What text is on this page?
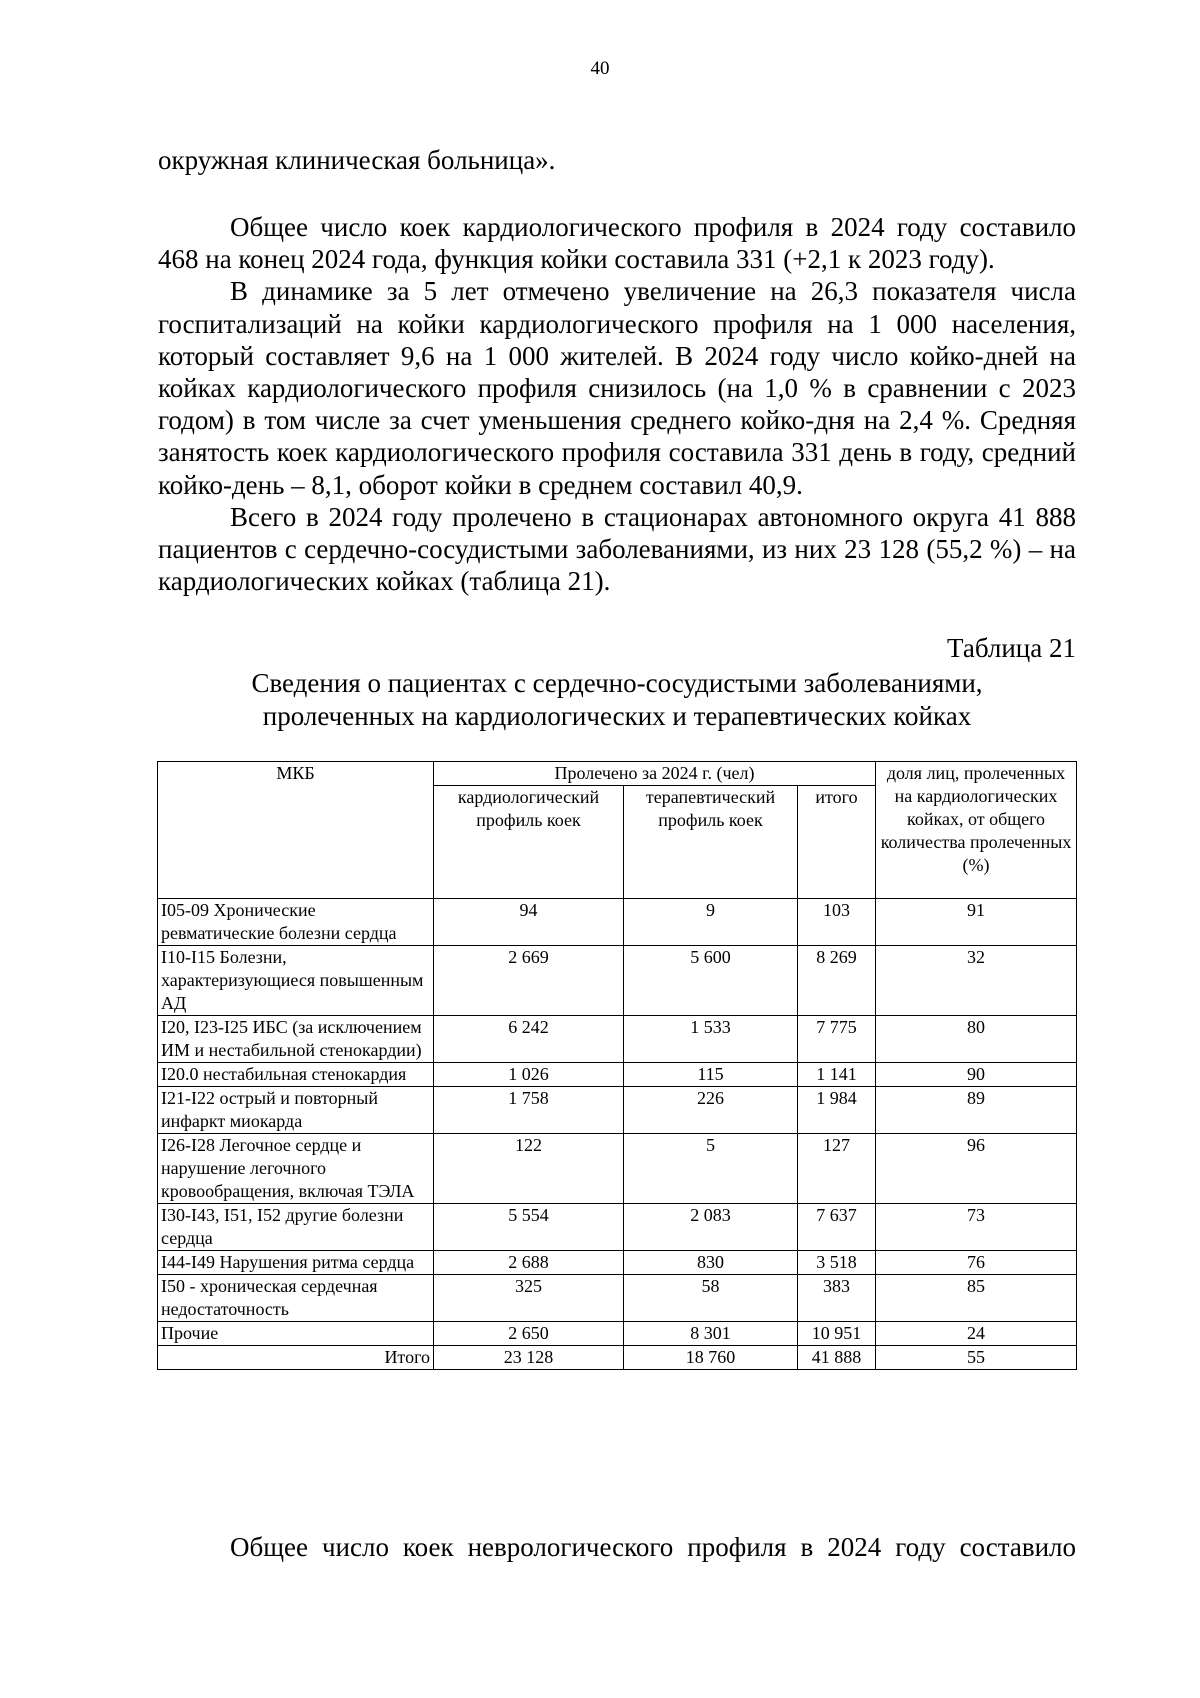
40

окружная клиническая больница».

Общее число коек кардиологического профиля в 2024 году составило 468 на конец 2024 года, функция койки составила 331 (+2,1 к 2023 году).

В динамике за 5 лет отмечено увеличение на 26,3 показателя числа госпитализаций на койки кардиологического профиля на 1 000 населения, который составляет 9,6 на 1 000 жителей. В 2024 году число койко-дней на койках кардиологического профиля снизилось (на 1,0 % в сравнении с 2023 годом) в том числе за счет уменьшения среднего койко-дня на 2,4 %. Средняя занятость коек кардиологического профиля составила 331 день в году, средний койко-день – 8,1, оборот койки в среднем составил 40,9.

Всего в 2024 году пролечено в стационарах автономного округа 41 888 пациентов с сердечно-сосудистыми заболеваниями, из них 23 128 (55,2 %) – на кардиологических койках (таблица 21).

Таблица 21
Сведения о пациентах с сердечно-сосудистыми заболеваниями,
пролеченных на кардиологических и терапевтических койках
МКБ	Пролечено за 2024 г. (чел)			доля лиц, пролеченных на кардиологических койках, от общего количества пролеченных (%)
	кардиологический профиль коек	терапевтический профиль коек	итого	
I05-09 Хронические ревматические болезни сердца	94	9	103	91
I10-I15 Болезни, характеризующиеся повышенным АД	2 669	5 600	8 269	32
I20, I23-I25 ИБС (за исключением ИМ и нестабильной стенокардии)	6 242	1 533	7 775	80
I20.0 нестабильная стенокардия	1 026	115	1 141	90
I21-I22 острый и повторный инфаркт миокарда	1 758	226	1 984	89
I26-I28 Легочное сердце и нарушение легочного кровообращения, включая ТЭЛА	122	5	127	96
I30-I43, I51, I52 другие болезни сердца	5 554	2 083	7 637	73
I44-I49 Нарушения ритма сердца	2 688	830	3 518	76
I50 - хроническая сердечная недостаточность	325	58	383	85
Прочие	2 650	8 301	10 951	24
Итого	23 128	18 760	41 888	55
Общее число коек неврологического профиля в 2024 году составило
